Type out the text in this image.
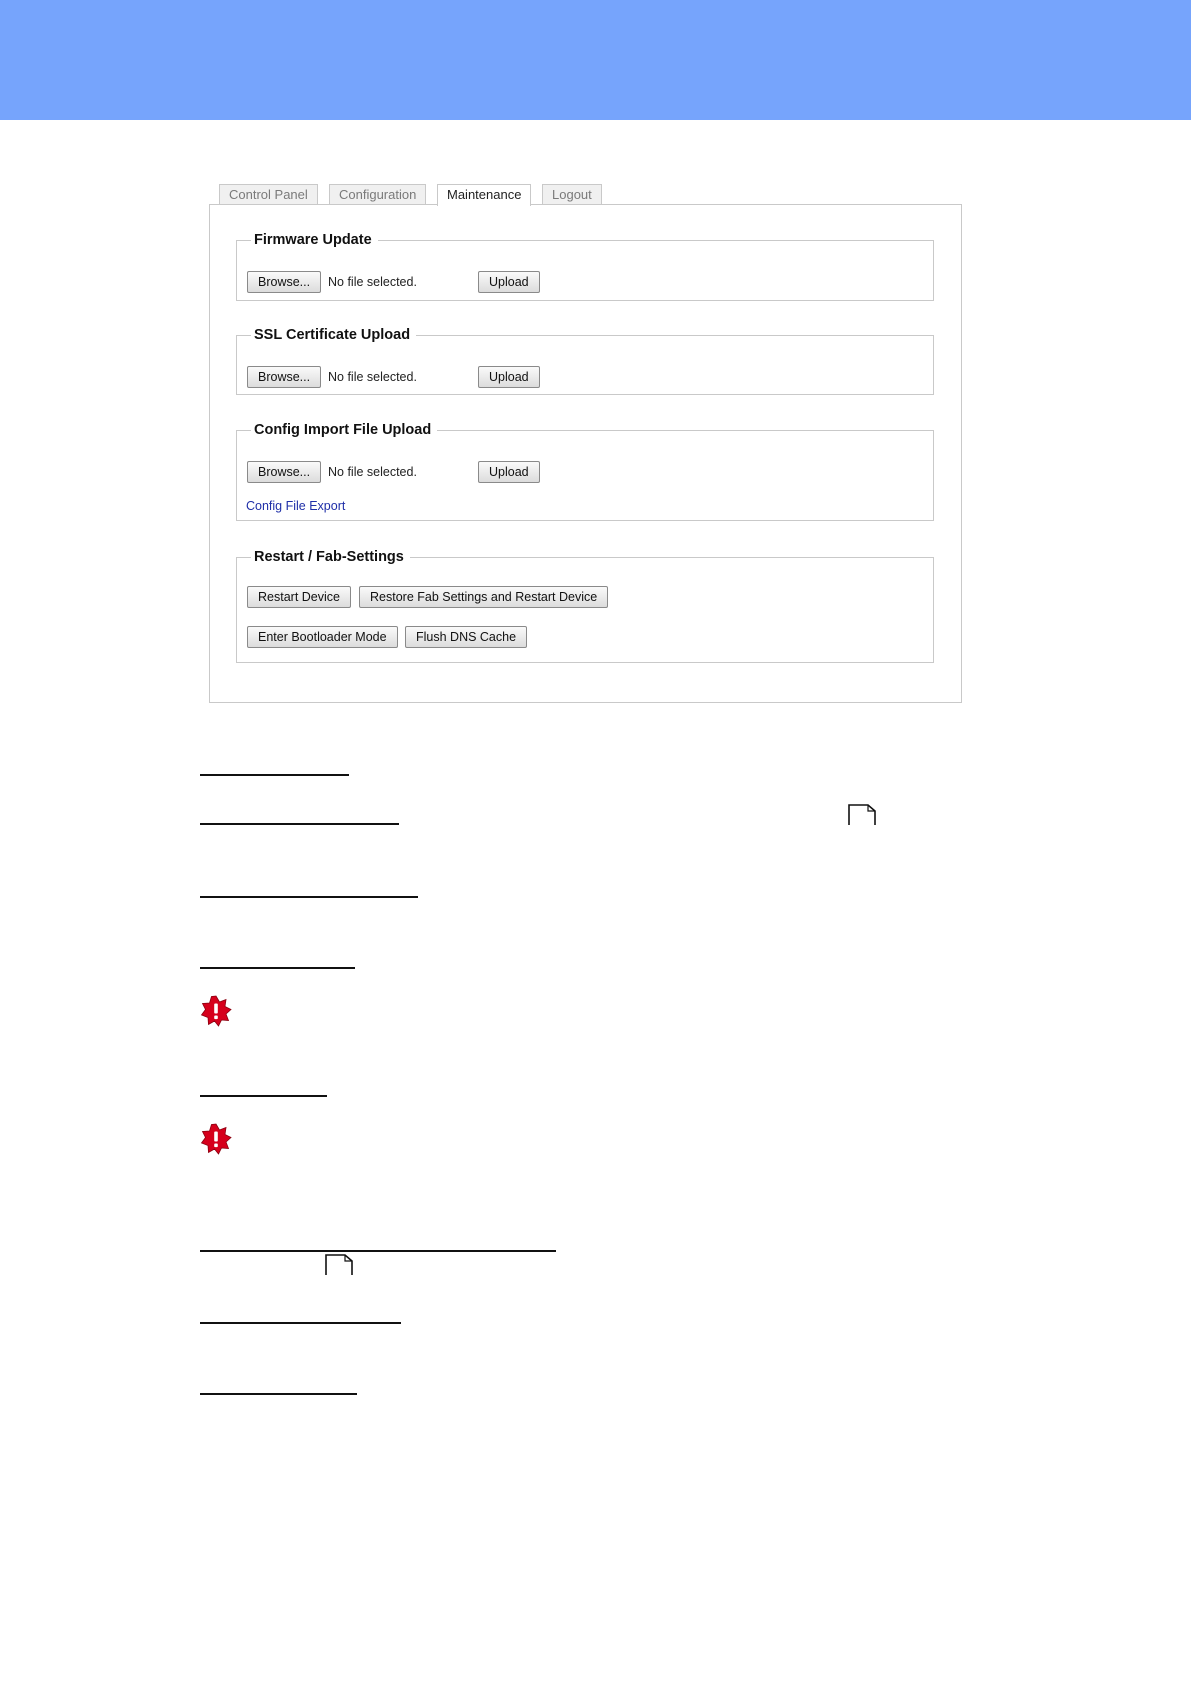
Control Panel	Configuration	Maintenance	Logout
Firmware Update
Browse...	No file selected.	Upload
SSL Certificate Upload
Browse...	No file selected.	Upload
Config Import File Upload
Browse...	No file selected.	Upload
Config File Export
Restart / Fab-Settings
Restart Device	Restore Fab Settings and Restart Device
Enter Bootloader Mode	Flush DNS Cache
